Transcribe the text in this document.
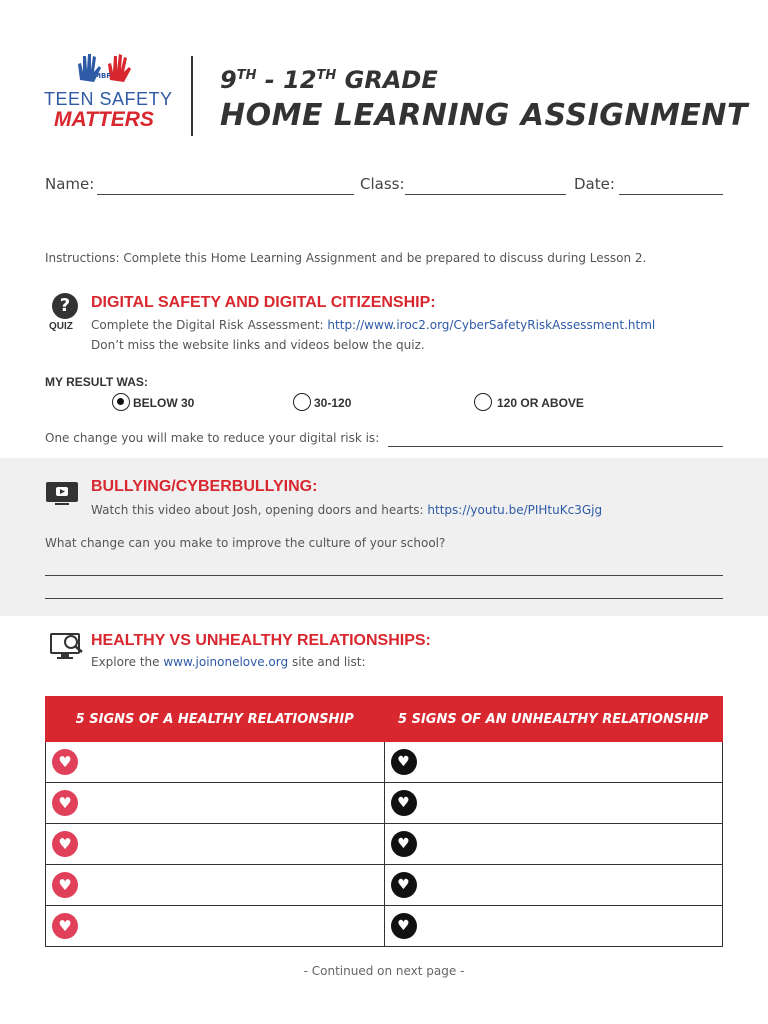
MBF
TEEN SAFETY
MATTERS
9TH - 12TH GRADE
HOME LEARNING ASSIGNMENT
Name:	Class:	Date:
Instructions: Complete this Home Learning Assignment and be prepared to discuss during Lesson 2.
?
QUIZ
DIGITAL SAFETY AND DIGITAL CITIZENSHIP:
Complete the Digital Risk Assessment: http://www.iroc2.org/CyberSafetyRiskAssessment.html
Don’t miss the website links and videos below the quiz.
MY RESULT WAS:
BELOW 30	30-120	120 OR ABOVE
One change you will make to reduce your digital risk is:
BULLYING/CYBERBULLYING:
Watch this video about Josh, opening doors and hearts: https://youtu.be/PIHtuKc3Gjg
What change can you make to improve the culture of your school?
HEALTHY VS UNHEALTHY RELATIONSHIPS:
Explore the www.joinonelove.org site and list:
5 SIGNS OF A HEALTHY RELATIONSHIP	5 SIGNS OF AN UNHEALTHY RELATIONSHIP
♥	♥
♥	♥
♥	♥
♥	♥
♥	♥
- Continued on next page -
